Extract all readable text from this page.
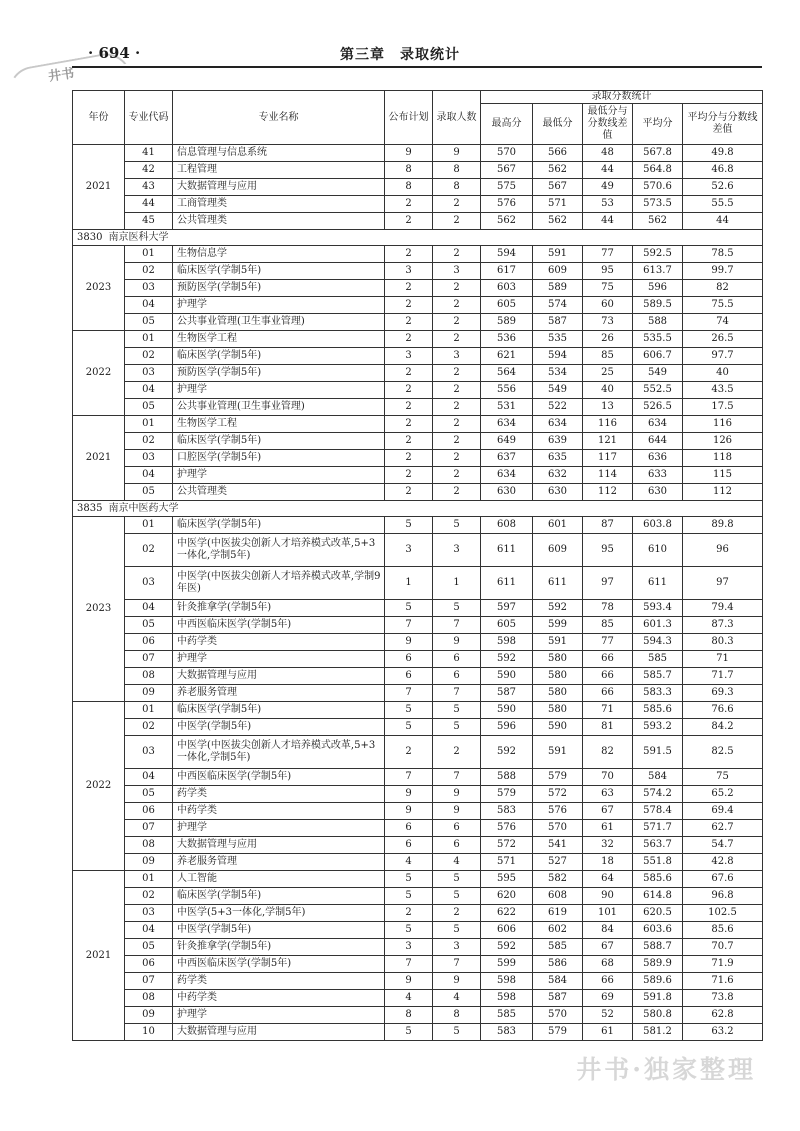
井书
· 694 ·	第三章　录取统计
年份	专业代码	专业名称	公布计划	录取人数	录取分数统计				
					最高分	最低分	最低分与分数线差值	平均分	平均分与分数线差值
2021	41	信息管理与信息系统	9	9	570	566	48	567.8	49.8
	42	工程管理	8	8	567	562	44	564.8	46.8
	43	大数据管理与应用	8	8	575	567	49	570.6	52.6
	44	工商管理类	2	2	576	571	53	573.5	55.5
	45	公共管理类	2	2	562	562	44	562	44
3830 南京医科大学									
2023	01	生物信息学	2	2	594	591	77	592.5	78.5
	02	临床医学(学制5年)	3	3	617	609	95	613.7	99.7
	03	预防医学(学制5年)	2	2	603	589	75	596	82
	04	护理学	2	2	605	574	60	589.5	75.5
	05	公共事业管理(卫生事业管理)	2	2	589	587	73	588	74
2022	01	生物医学工程	2	2	536	535	26	535.5	26.5
	02	临床医学(学制5年)	3	3	621	594	85	606.7	97.7
	03	预防医学(学制5年)	2	2	564	534	25	549	40
	04	护理学	2	2	556	549	40	552.5	43.5
	05	公共事业管理(卫生事业管理)	2	2	531	522	13	526.5	17.5
2021	01	生物医学工程	2	2	634	634	116	634	116
	02	临床医学(学制5年)	2	2	649	639	121	644	126
	03	口腔医学(学制5年)	2	2	637	635	117	636	118
	04	护理学	2	2	634	632	114	633	115
	05	公共管理类	2	2	630	630	112	630	112
3835 南京中医药大学									
2023	01	临床医学(学制5年)	5	5	608	601	87	603.8	89.8
	02	中医学(中医拔尖创新人才培养模式改革,5+3一体化,学制5年)	3	3	611	609	95	610	96
	03	中医学(中医拔尖创新人才培养模式改革,学制9年医)	1	1	611	611	97	611	97
	04	针灸推拿学(学制5年)	5	5	597	592	78	593.4	79.4
	05	中西医临床医学(学制5年)	7	7	605	599	85	601.3	87.3
	06	中药学类	9	9	598	591	77	594.3	80.3
	07	护理学	6	6	592	580	66	585	71
	08	大数据管理与应用	6	6	590	580	66	585.7	71.7
	09	养老服务管理	7	7	587	580	66	583.3	69.3
2022	01	临床医学(学制5年)	5	5	590	580	71	585.6	76.6
	02	中医学(学制5年)	5	5	596	590	81	593.2	84.2
	03	中医学(中医拔尖创新人才培养模式改革,5+3一体化,学制5年)	2	2	592	591	82	591.5	82.5
	04	中西医临床医学(学制5年)	7	7	588	579	70	584	75
	05	药学类	9	9	579	572	63	574.2	65.2
	06	中药学类	9	9	583	576	67	578.4	69.4
	07	护理学	6	6	576	570	61	571.7	62.7
	08	大数据管理与应用	6	6	572	541	32	563.7	54.7
	09	养老服务管理	4	4	571	527	18	551.8	42.8
2021	01	人工智能	5	5	595	582	64	585.6	67.6
	02	临床医学(学制5年)	5	5	620	608	90	614.8	96.8
	03	中医学(5+3一体化,学制5年)	2	2	622	619	101	620.5	102.5
	04	中医学(学制5年)	5	5	606	602	84	603.6	85.6
	05	针灸推拿学(学制5年)	3	3	592	585	67	588.7	70.7
	06	中西医临床医学(学制5年)	7	7	599	586	68	589.9	71.9
	07	药学类	9	9	598	584	66	589.6	71.6
	08	中药学类	4	4	598	587	69	591.8	73.8
	09	护理学	8	8	585	570	52	580.8	62.8
	10	大数据管理与应用	5	5	583	579	61	581.2	63.2
井书·独家整理
